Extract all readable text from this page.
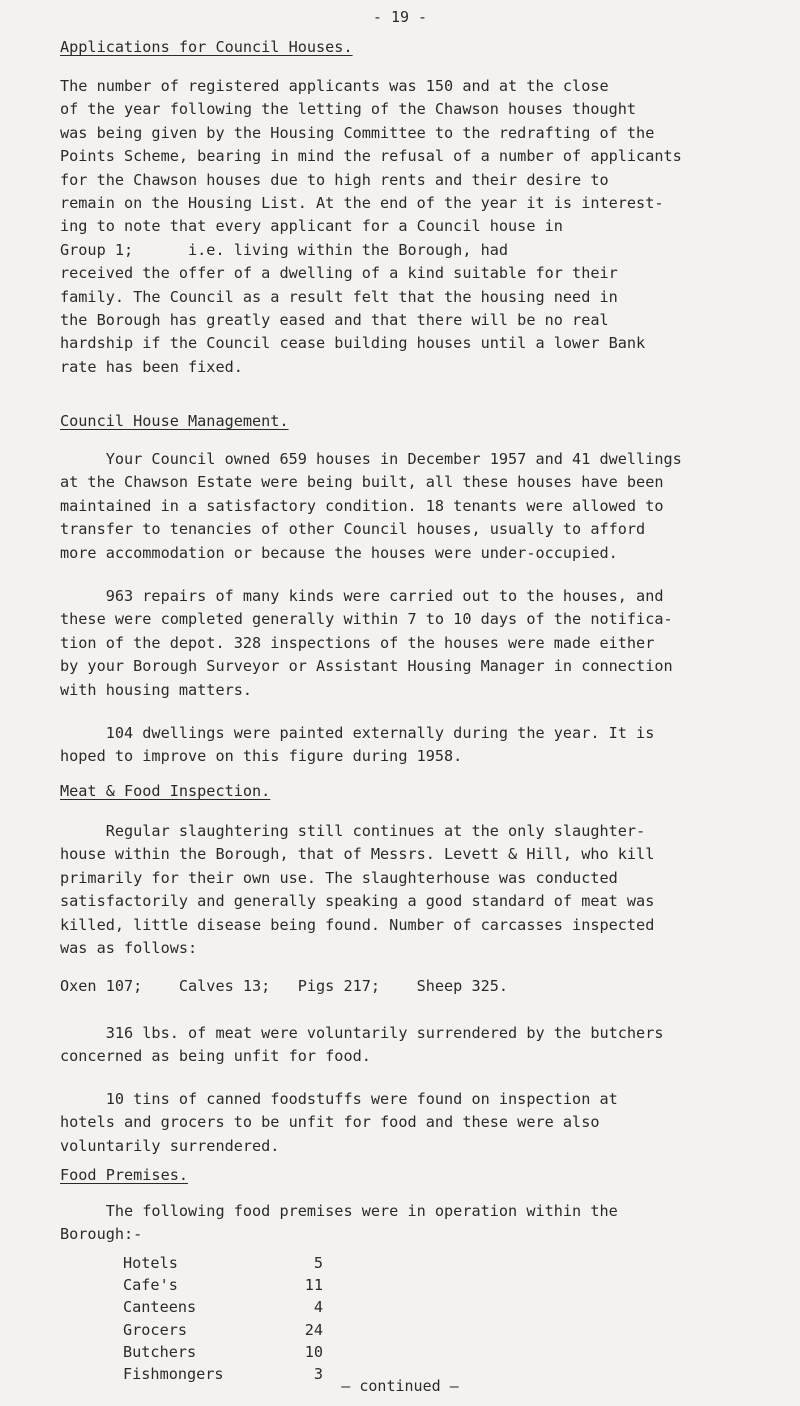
- 19 -
Applications for Council Houses.

The number of registered applicants was 150 and at the close

of the year following the letting of the Chawson houses thought

was being given by the Housing Committee to the redrafting of the

Points Scheme, bearing in mind the refusal of a number of applicants

for the Chawson houses due to high rents and their desire to

remain on the Housing List. At the end of the year it is interest-

ing to note that every applicant for a Council house in

Group 1;      i.e. living within the Borough, had

received the offer of a dwelling of a kind suitable for their

family. The Council as a result felt that the housing need in

the Borough has greatly eased and that there will be no real

hardship if the Council cease building houses until a lower Bank

rate has been fixed.

Council House Management.

Your Council owned 659 houses in December 1957 and 41 dwellings

at the Chawson Estate were being built, all these houses have been

maintained in a satisfactory condition. 18 tenants were allowed to

transfer to tenancies of other Council houses, usually to afford

more accommodation or because the houses were under-occupied.

963 repairs of many kinds were carried out to the houses, and

these were completed generally within 7 to 10 days of the notifica-

tion of the depot. 328 inspections of the houses were made either

by your Borough Surveyor or Assistant Housing Manager in connection

with housing matters.

104 dwellings were painted externally during the year. It is

hoped to improve on this figure during 1958.

Meat & Food Inspection.

Regular slaughtering still continues at the only slaughter-

house within the Borough, that of Messrs. Levett & Hill, who kill

primarily for their own use. The slaughterhouse was conducted

satisfactorily and generally speaking a good standard of meat was

killed, little disease being found. Number of carcasses inspected

was as follows:

Oxen 107;    Calves 13;   Pigs 217;    Sheep 325.

316 lbs. of meat were voluntarily surrendered by the butchers

concerned as being unfit for food.

10 tins of canned foodstuffs were found on inspection at

hotels and grocers to be unfit for food and these were also

voluntarily surrendered.

Food Premises.

The following food premises were in operation within the

Borough:-

Hotels	5
Cafe's	11
Canteens	4
Grocers	24
Butchers	10
Fishmongers	3
– continued –
